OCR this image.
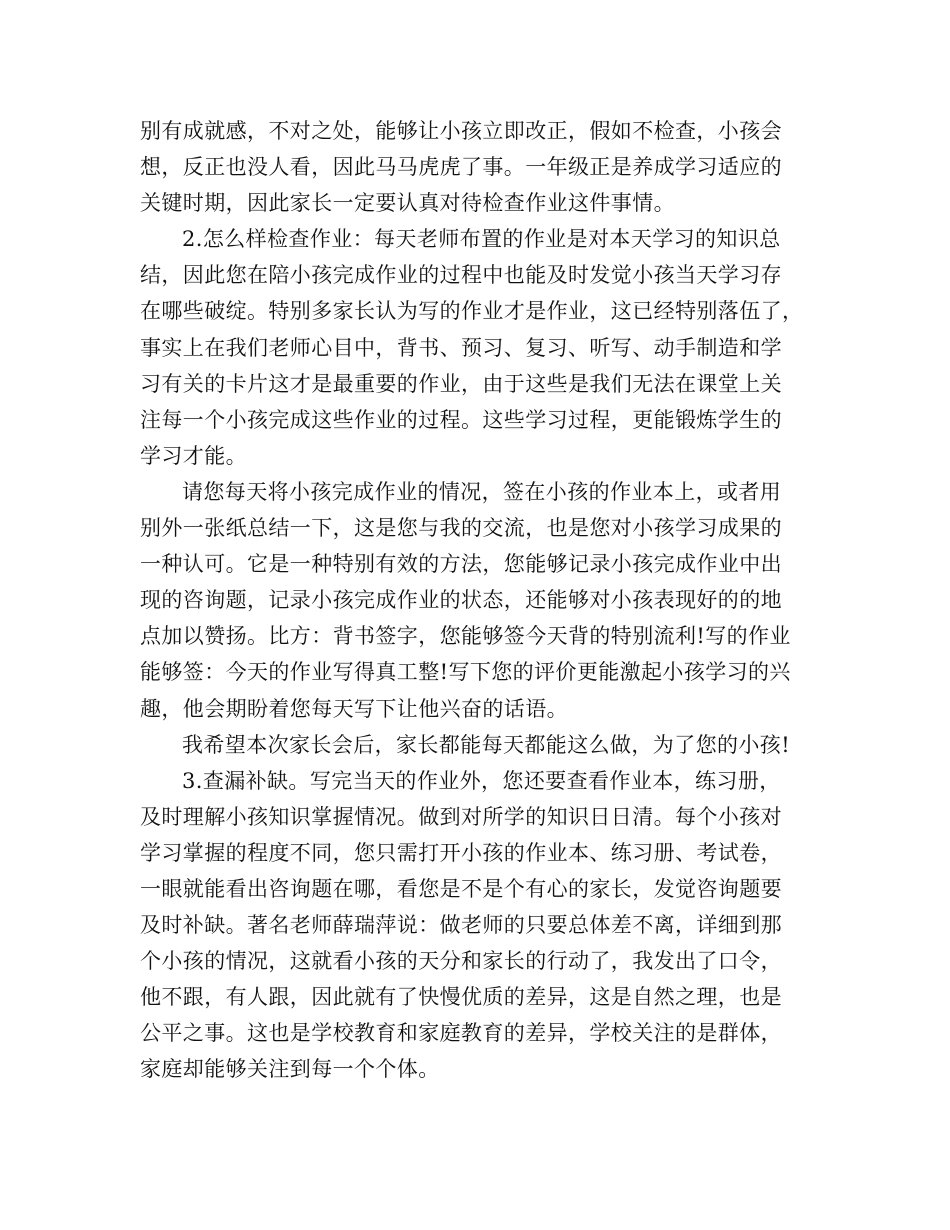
别有成就感，不对之处，能够让小孩立即改正，假如不检查，小孩会
想，反正也没人看，因此马马虎虎了事。一年级正是养成学习适应的
关键时期，因此家长一定要认真对待检查作业这件事情。
2.怎么样检查作业：每天老师布置的作业是对本天学习的知识总
结，因此您在陪小孩完成作业的过程中也能及时发觉小孩当天学习存
在哪些破绽。特别多家长认为写的作业才是作业，这已经特别落伍了，
事实上在我们老师心目中，背书、预习、复习、听写、动手制造和学
习有关的卡片这才是最重要的作业，由于这些是我们无法在课堂上关
注每一个小孩完成这些作业的过程。这些学习过程，更能锻炼学生的
学习才能。
请您每天将小孩完成作业的情况，签在小孩的作业本上，或者用
别外一张纸总结一下，这是您与我的交流，也是您对小孩学习成果的
一种认可。它是一种特别有效的方法，您能够记录小孩完成作业中出
现的咨询题，记录小孩完成作业的状态，还能够对小孩表现好的的地
点加以赞扬。比方：背书签字，您能够签今天背的特别流利!写的作业
能够签：今天的作业写得真工整!写下您的评价更能激起小孩学习的兴
趣，他会期盼着您每天写下让他兴奋的话语。
我希望本次家长会后，家长都能每天都能这么做，为了您的小孩!
3.查漏补缺。写完当天的作业外，您还要查看作业本，练习册，
及时理解小孩知识掌握情况。做到对所学的知识日日清。每个小孩对
学习掌握的程度不同，您只需打开小孩的作业本、练习册、考试卷，
一眼就能看出咨询题在哪，看您是不是个有心的家长，发觉咨询题要
及时补缺。著名老师薛瑞萍说：做老师的只要总体差不离，详细到那
个小孩的情况，这就看小孩的天分和家长的行动了，我发出了口令，
他不跟，有人跟，因此就有了快慢优质的差异，这是自然之理，也是
公平之事。这也是学校教育和家庭教育的差异，学校关注的是群体，
家庭却能够关注到每一个个体。
